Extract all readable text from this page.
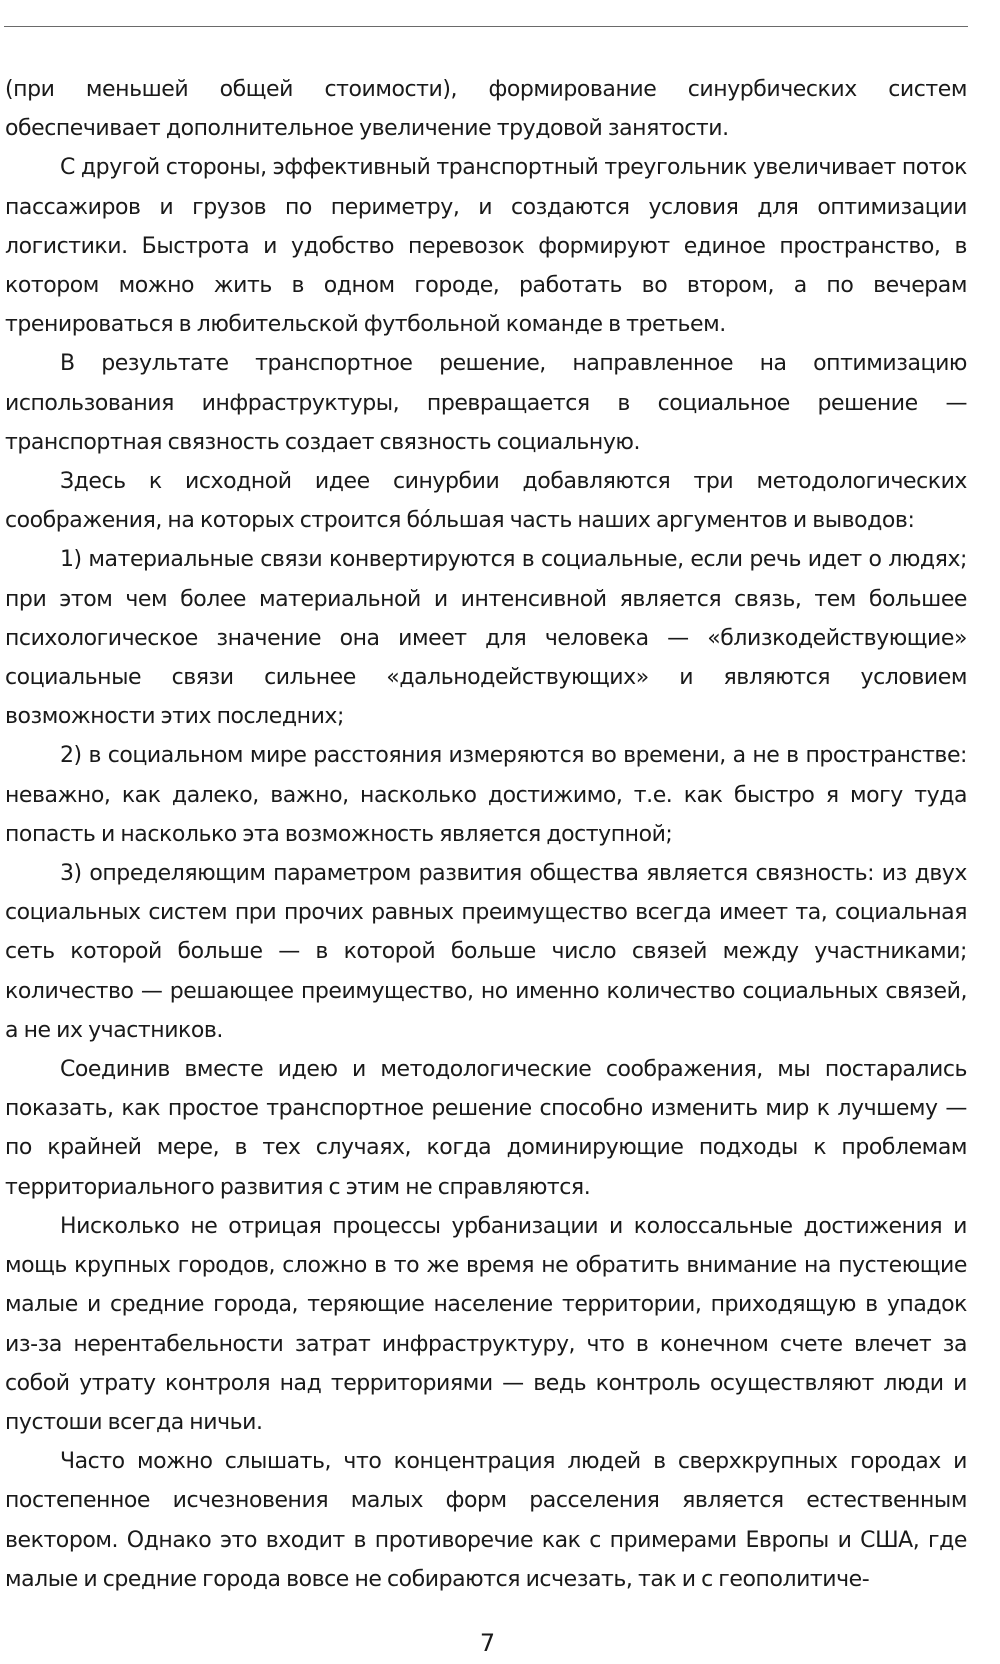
(при меньшей общей стоимости), формирование синурбических систем обеспечивает дополнительное увеличение трудовой занятости.

С другой стороны, эффективный транспортный треугольник увеличивает поток пассажиров и грузов по периметру, и создаются условия для оптимизации логистики. Быстрота и удобство перевозок формируют единое пространство, в котором можно жить в одном городе, работать во втором, а по вечерам тренироваться в любительской футбольной команде в третьем.

В результате транспортное решение, направленное на оптимизацию использования инфраструктуры, превращается в социальное решение — транспортная связность создает связность социальную.

Здесь к исходной идее синурбии добавляются три методологических соображения, на которых строится бóльшая часть наших аргументов и выводов:

1) материальные связи конвертируются в социальные, если речь идет о людях; при этом чем более материальной и интенсивной является связь, тем большее психологическое значение она имеет для человека — «близкодействующие» социальные связи сильнее «дальнодействующих» и являются условием возможности этих последних;

2) в социальном мире расстояния измеряются во времени, а не в пространстве: неважно, как далеко, важно, насколько достижимо, т.е. как быстро я могу туда попасть и насколько эта возможность является доступной;

3) определяющим параметром развития общества является связность: из двух социальных систем при прочих равных преимущество всегда имеет та, социальная сеть которой больше — в которой больше число связей между участниками; количество — решающее преимущество, но именно количество социальных связей, а не их участников.

Соединив вместе идею и методологические соображения, мы постарались показать, как простое транспортное решение способно изменить мир к лучшему — по крайней мере, в тех случаях, когда доминирующие подходы к проблемам территориального развития с этим не справляются.

Нисколько не отрицая процессы урбанизации и колоссальные достижения и мощь крупных городов, сложно в то же время не обратить внимание на пустеющие малые и средние города, теряющие население территории, приходящую в упадок из-за нерентабельности затрат инфраструктуру, что в конечном счете влечет за собой утрату контроля над территориями — ведь контроль осуществляют люди и пустоши всегда ничьи.

Часто можно слышать, что концентрация людей в сверхкрупных городах и постепенное исчезновения малых форм расселения является естественным вектором. Однако это входит в противоречие как с примерами Европы и США, где малые и средние города вовсе не собираются исчезать, так и с геополитиче-

7
